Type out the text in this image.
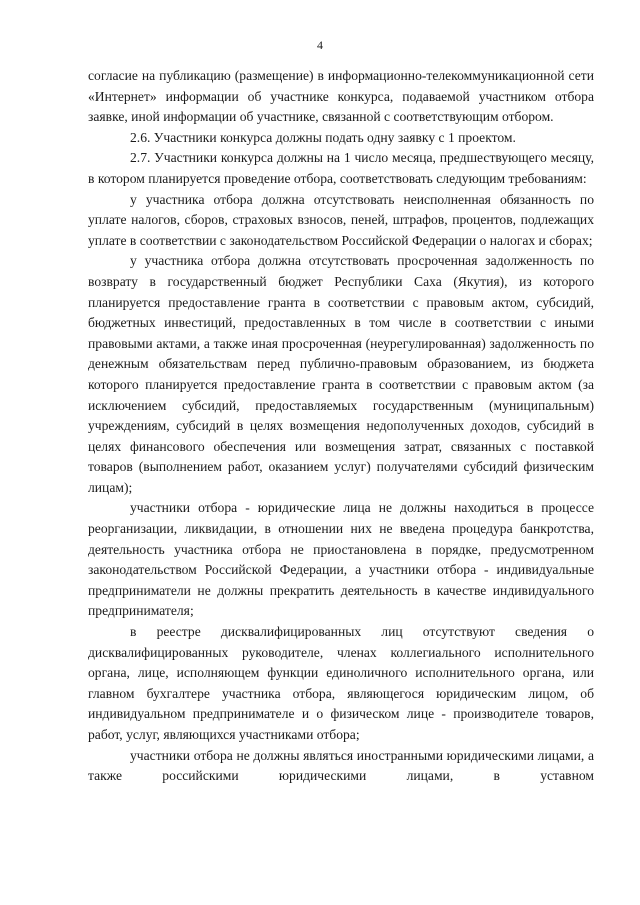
4

согласие на публикацию (размещение) в информационно-телекоммуникационной сети «Интернет» информации об участнике конкурса, подаваемой участником отбора заявке, иной информации об участнике, связанной с соответствующим отбором.

2.6. Участники конкурса должны подать одну заявку с 1 проектом.

2.7. Участники конкурса должны на 1 число месяца, предшествующего месяцу, в котором планируется проведение отбора, соответствовать следующим требованиям:

у участника отбора должна отсутствовать неисполненная обязанность по уплате налогов, сборов, страховых взносов, пеней, штрафов, процентов, подлежащих уплате в соответствии с законодательством Российской Федерации о налогах и сборах;

у участника отбора должна отсутствовать просроченная задолженность по возврату в государственный бюджет Республики Саха (Якутия), из которого планируется предоставление гранта в соответствии с правовым актом, субсидий, бюджетных инвестиций, предоставленных в том числе в соответствии с иными правовыми актами, а также иная просроченная (неурегулированная) задолженность по денежным обязательствам перед публично-правовым образованием, из бюджета которого планируется предоставление гранта в соответствии с правовым актом (за исключением субсидий, предоставляемых государственным (муниципальным) учреждениям, субсидий в целях возмещения недополученных доходов, субсидий в целях финансового обеспечения или возмещения затрат, связанных с поставкой товаров (выполнением работ, оказанием услуг) получателями субсидий физическим лицам);

участники отбора - юридические лица не должны находиться в процессе реорганизации, ликвидации, в отношении них не введена процедура банкротства, деятельность участника отбора не приостановлена в порядке, предусмотренном законодательством Российской Федерации, а участники отбора - индивидуальные предприниматели не должны прекратить деятельность в качестве индивидуального предпринимателя;

в реестре дисквалифицированных лиц отсутствуют сведения о дисквалифицированных руководителе, членах коллегиального исполнительного органа, лице, исполняющем функции единоличного исполнительного органа, или главном бухгалтере участника отбора, являющегося юридическим лицом, об индивидуальном предпринимателе и о физическом лице - производителе товаров, работ, услуг, являющихся участниками отбора;

участники отбора не должны являться иностранными юридическими лицами, а также российскими юридическими лицами, в уставном
